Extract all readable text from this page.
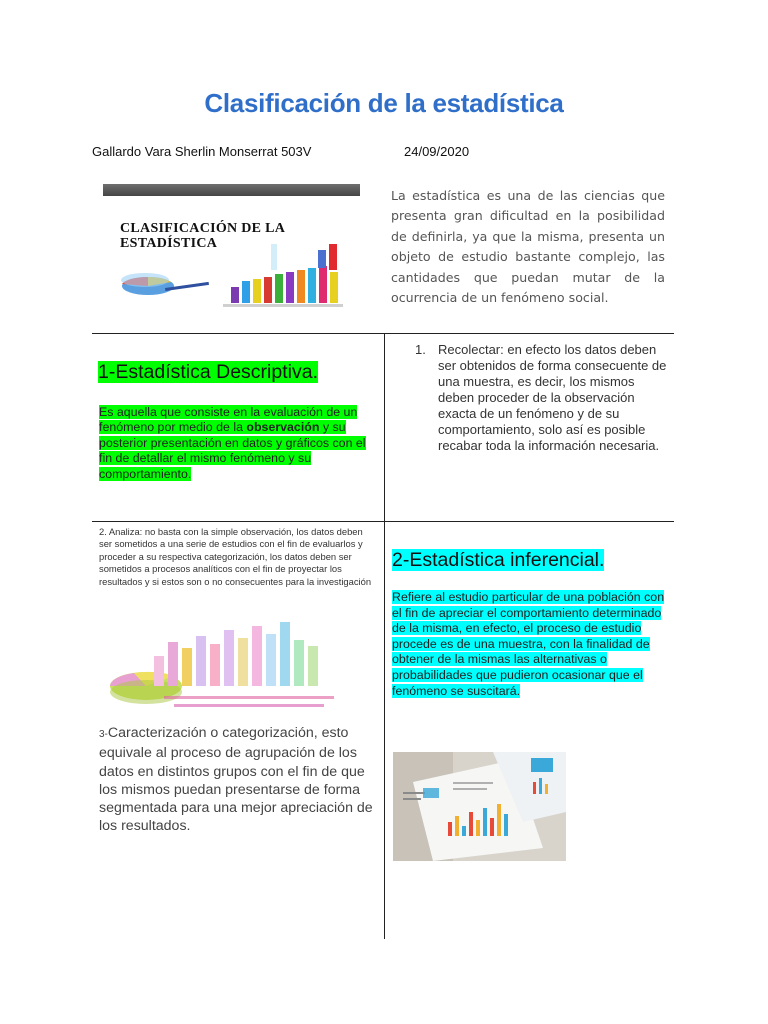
Clasificación de la estadística
Gallardo Vara Sherlin Monserrat 503V	24/09/2020
CLASIFICACIÓN DE LA
ESTADÍSTICA
La estadística es una de las ciencias que presenta gran dificultad en la posibilidad de definirla, ya que la misma, presenta un objeto de estudio bastante complejo, las cantidades que puedan mutar de la ocurrencia de un fenómeno social.
1-Estadística Descriptiva.
Es aquella que consiste en la evaluación de un fenómeno por medio de la observación y su posterior presentación en datos y gráficos con el fin de detallar el mismo fenómeno y su comportamiento.
1. Recolectar: en efecto los datos deben ser obtenidos de forma consecuente de una muestra, es decir, los mismos deben proceder de la observación exacta de un fenómeno y de su comportamiento, solo así es posible recabar toda la información necesaria.
2. Analiza: no basta con la simple observación, los datos deben ser sometidos a una serie de estudios con el fin de evaluarlos y proceder a su respectiva categorización, los datos deben ser sometidos a procesos analíticos con el fin de proyectar los resultados y si estos son o no consecuentes para la investigación
3-Caracterización o categorización, esto equivale al proceso de agrupación de los datos en distintos grupos con el fin de que los mismos puedan presentarse de forma segmentada para una mejor apreciación de los resultados.
2-Estadística inferencial.
Refiere al estudio particular de una población con el fin de apreciar el comportamiento determinado de la misma, en efecto, el proceso de estudio procede es de una muestra, con la finalidad de obtener de la mismas las alternativas o probabilidades que pudieron ocasionar que el fenómeno se suscitará.
